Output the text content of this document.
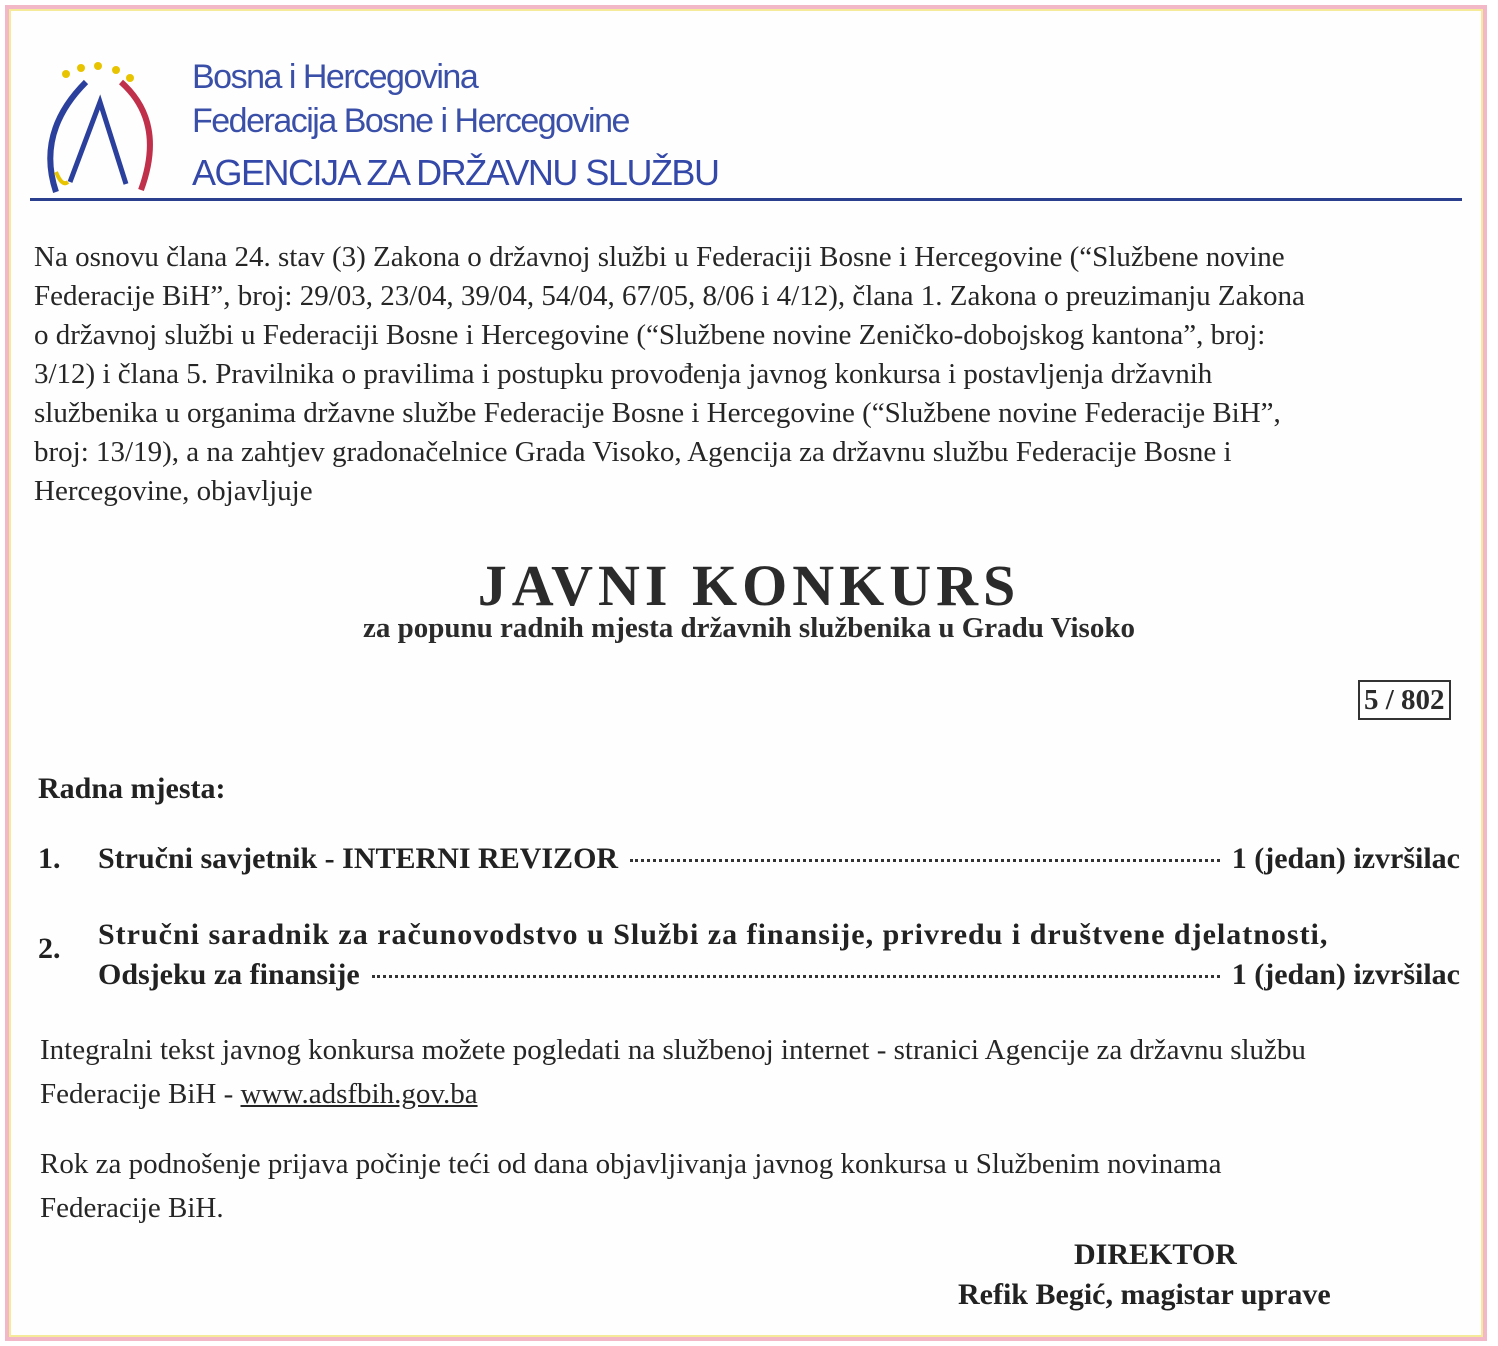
Bosna i Hercegovina
Federacija Bosne i Hercegovine
AGENCIJA ZA DRŽAVNU SLUŽBU
Na osnovu člana 24. stav (3) Zakona o državnoj službi u Federaciji Bosne i Hercegovine (“Službene novine
Federacije BiH”, broj: 29/03, 23/04, 39/04, 54/04, 67/05, 8/06 i 4/12), člana 1. Zakona o preuzimanju Zakona
o državnoj službi u Federaciji Bosne i Hercegovine (“Službene novine Zeničko-dobojskog kantona”, broj:
3/12) i člana 5. Pravilnika o pravilima i postupku provođenja javnog konkursa i postavljenja državnih
službenika u organima državne službe Federacije Bosne i Hercegovine (“Službene novine Federacije BiH”,
broj: 13/19), a na zahtjev gradonačelnice Grada Visoko, Agencija za državnu službu Federacije Bosne i
Hercegovine, objavljuje
JAVNI KONKURS
za popunu radnih mjesta državnih službenika u Gradu Visoko
5 / 802
Radna mjesta:
1. Stručni savjetnik - INTERNI REVIZOR	1 (jedan) izvršilac
2. Stručni saradnik za računovodstvo u Službi za finansije, privredu i društvene djelatnosti,
Odsjeku za finansije	1 (jedan) izvršilac
Integralni tekst javnog konkursa možete pogledati na službenoj internet - stranici Agencije za državnu službu
Federacije BiH - www.adsfbih.gov.ba
Rok za podnošenje prijava počinje teći od dana objavljivanja javnog konkursa u Službenim novinama
Federacije BiH.
DIREKTOR
Refik Begić, magistar uprave
